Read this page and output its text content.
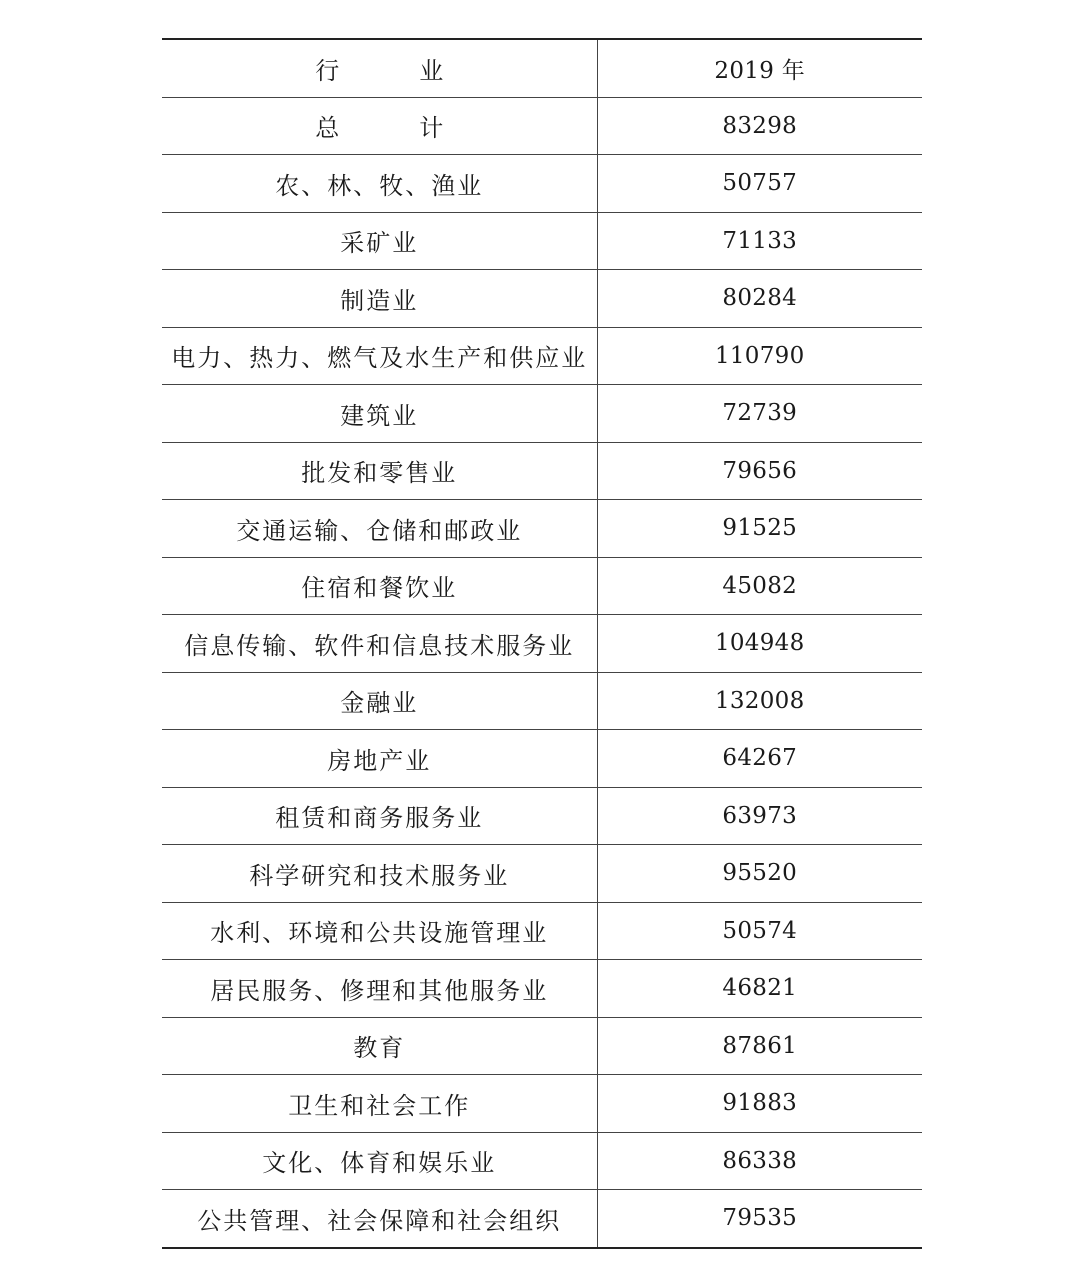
行　业	2019 年
总　计	83298
农、林、牧、渔业	50757
采矿业	71133
制造业	80284
电力、热力、燃气及水生产和供应业	110790
建筑业	72739
批发和零售业	79656
交通运输、仓储和邮政业	91525
住宿和餐饮业	45082
信息传输、软件和信息技术服务业	104948
金融业	132008
房地产业	64267
租赁和商务服务业	63973
科学研究和技术服务业	95520
水利、环境和公共设施管理业	50574
居民服务、修理和其他服务业	46821
教育	87861
卫生和社会工作	91883
文化、体育和娱乐业	86338
公共管理、社会保障和社会组织	79535
